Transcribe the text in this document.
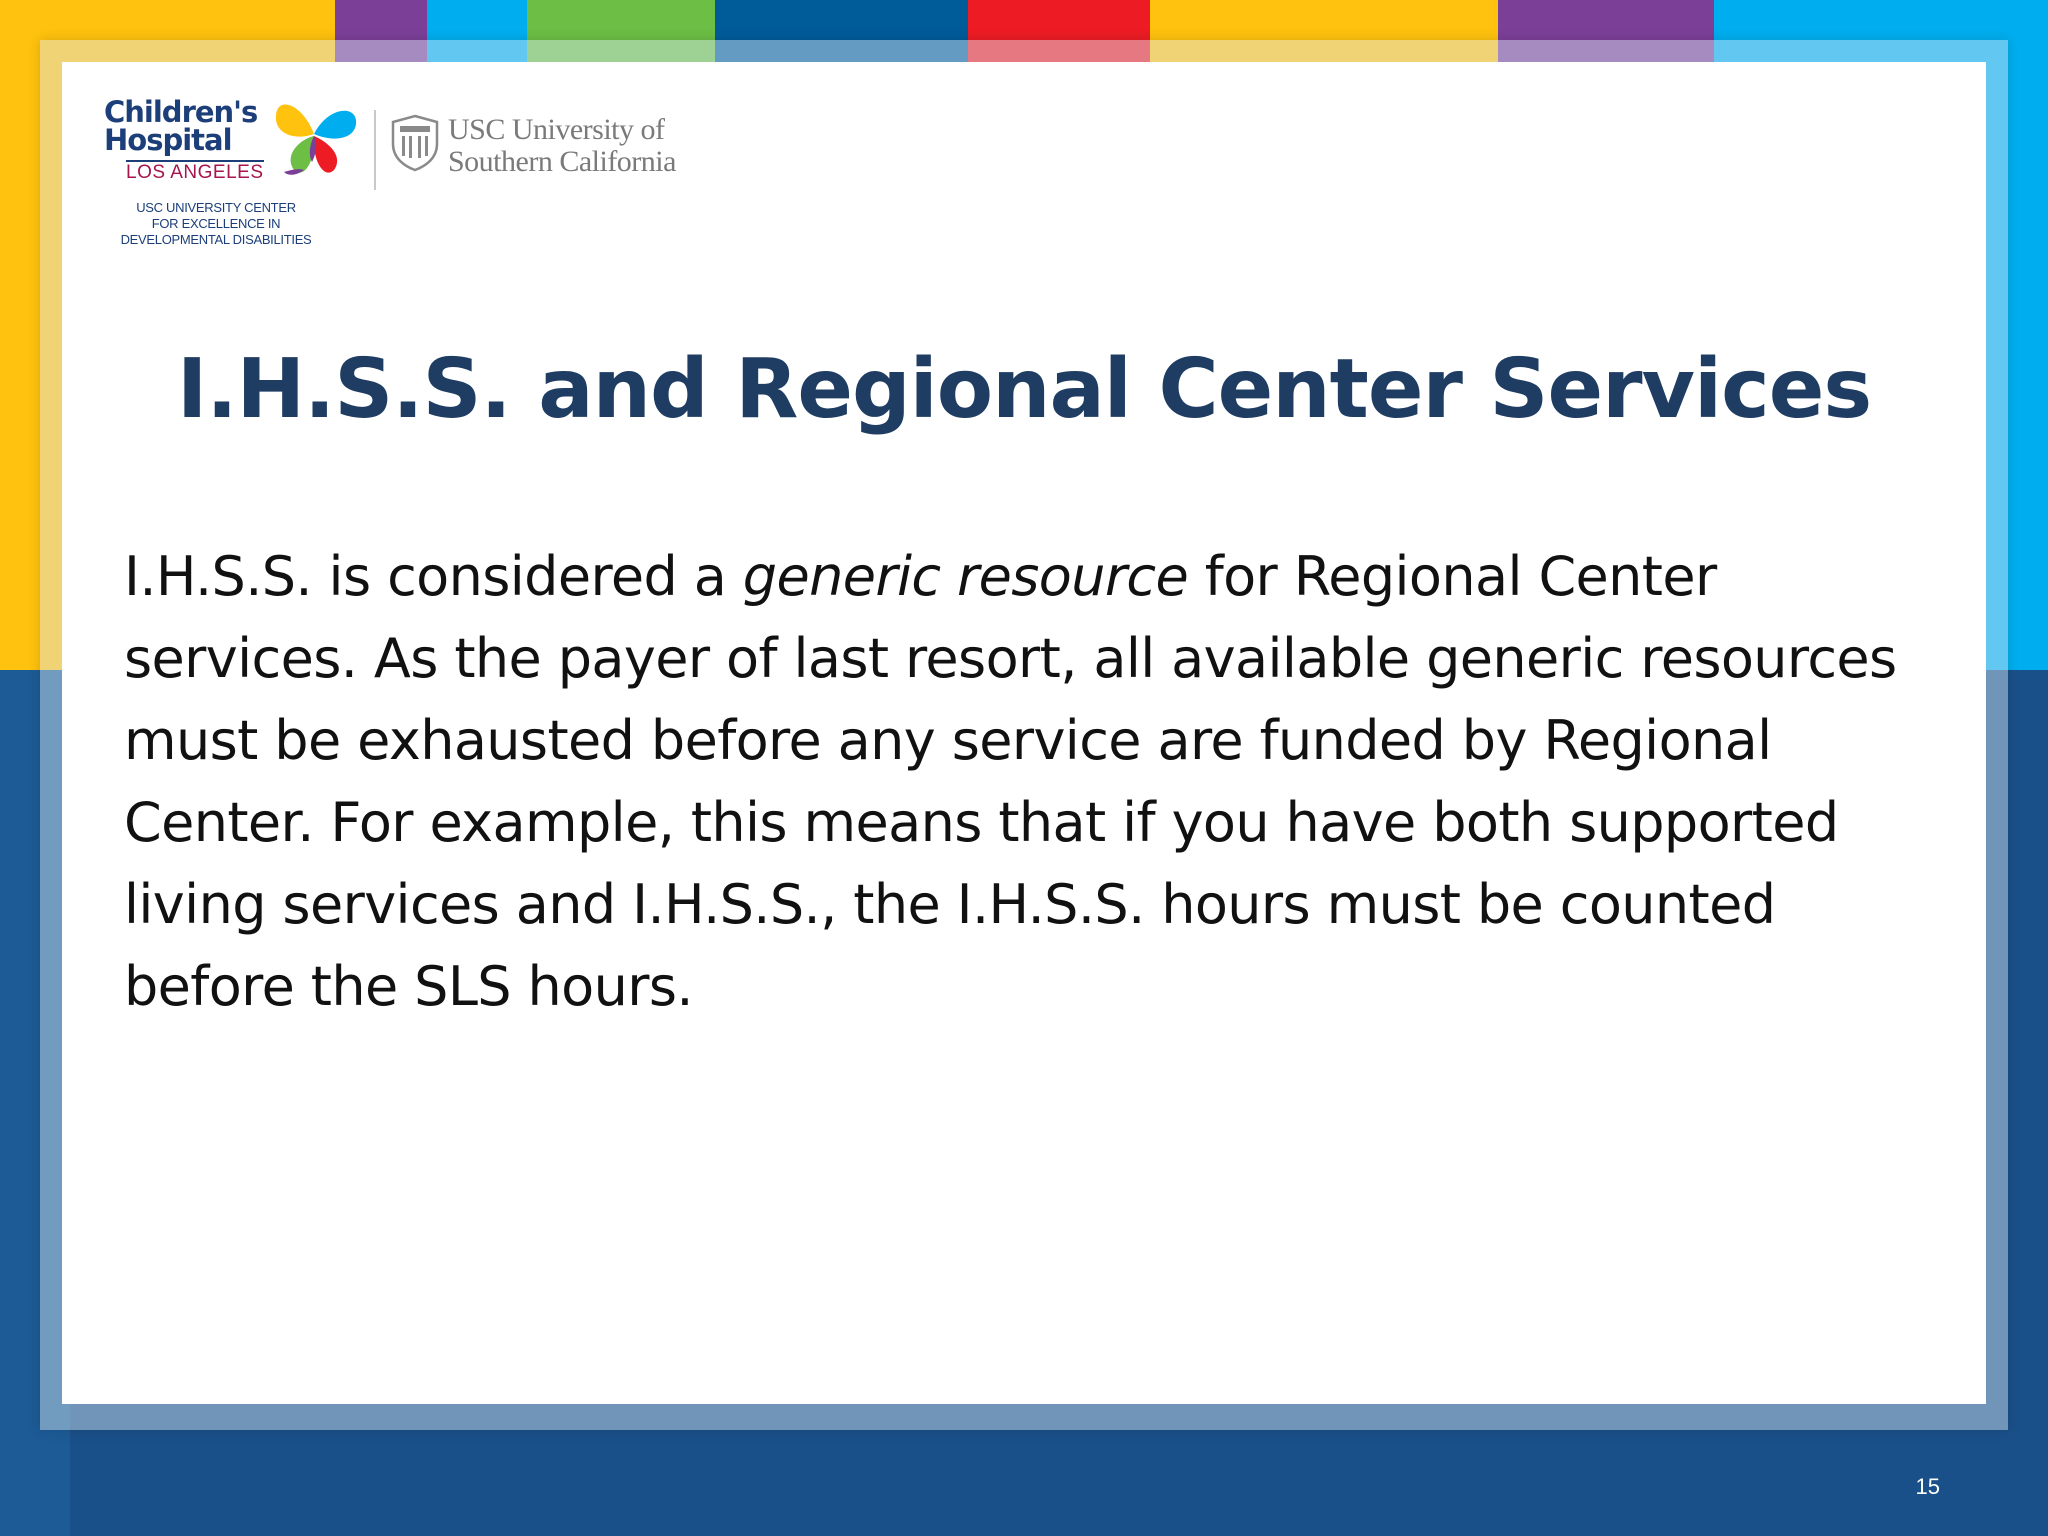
Children's
Hospital
LOS ANGELES
USC UNIVERSITY CENTER
FOR EXCELLENCE IN
DEVELOPMENTAL DISABILITIES
USC University of
Southern California
I.H.S.S. and Regional Center Services

I.H.S.S. is considered a generic resource for Regional Center services. As the payer of last resort, all available generic resources must be exhausted before any service are funded by Regional Center. For example, this means that if you have both supported living services and I.H.S.S., the I.H.S.S. hours must be counted before the SLS hours.

15
